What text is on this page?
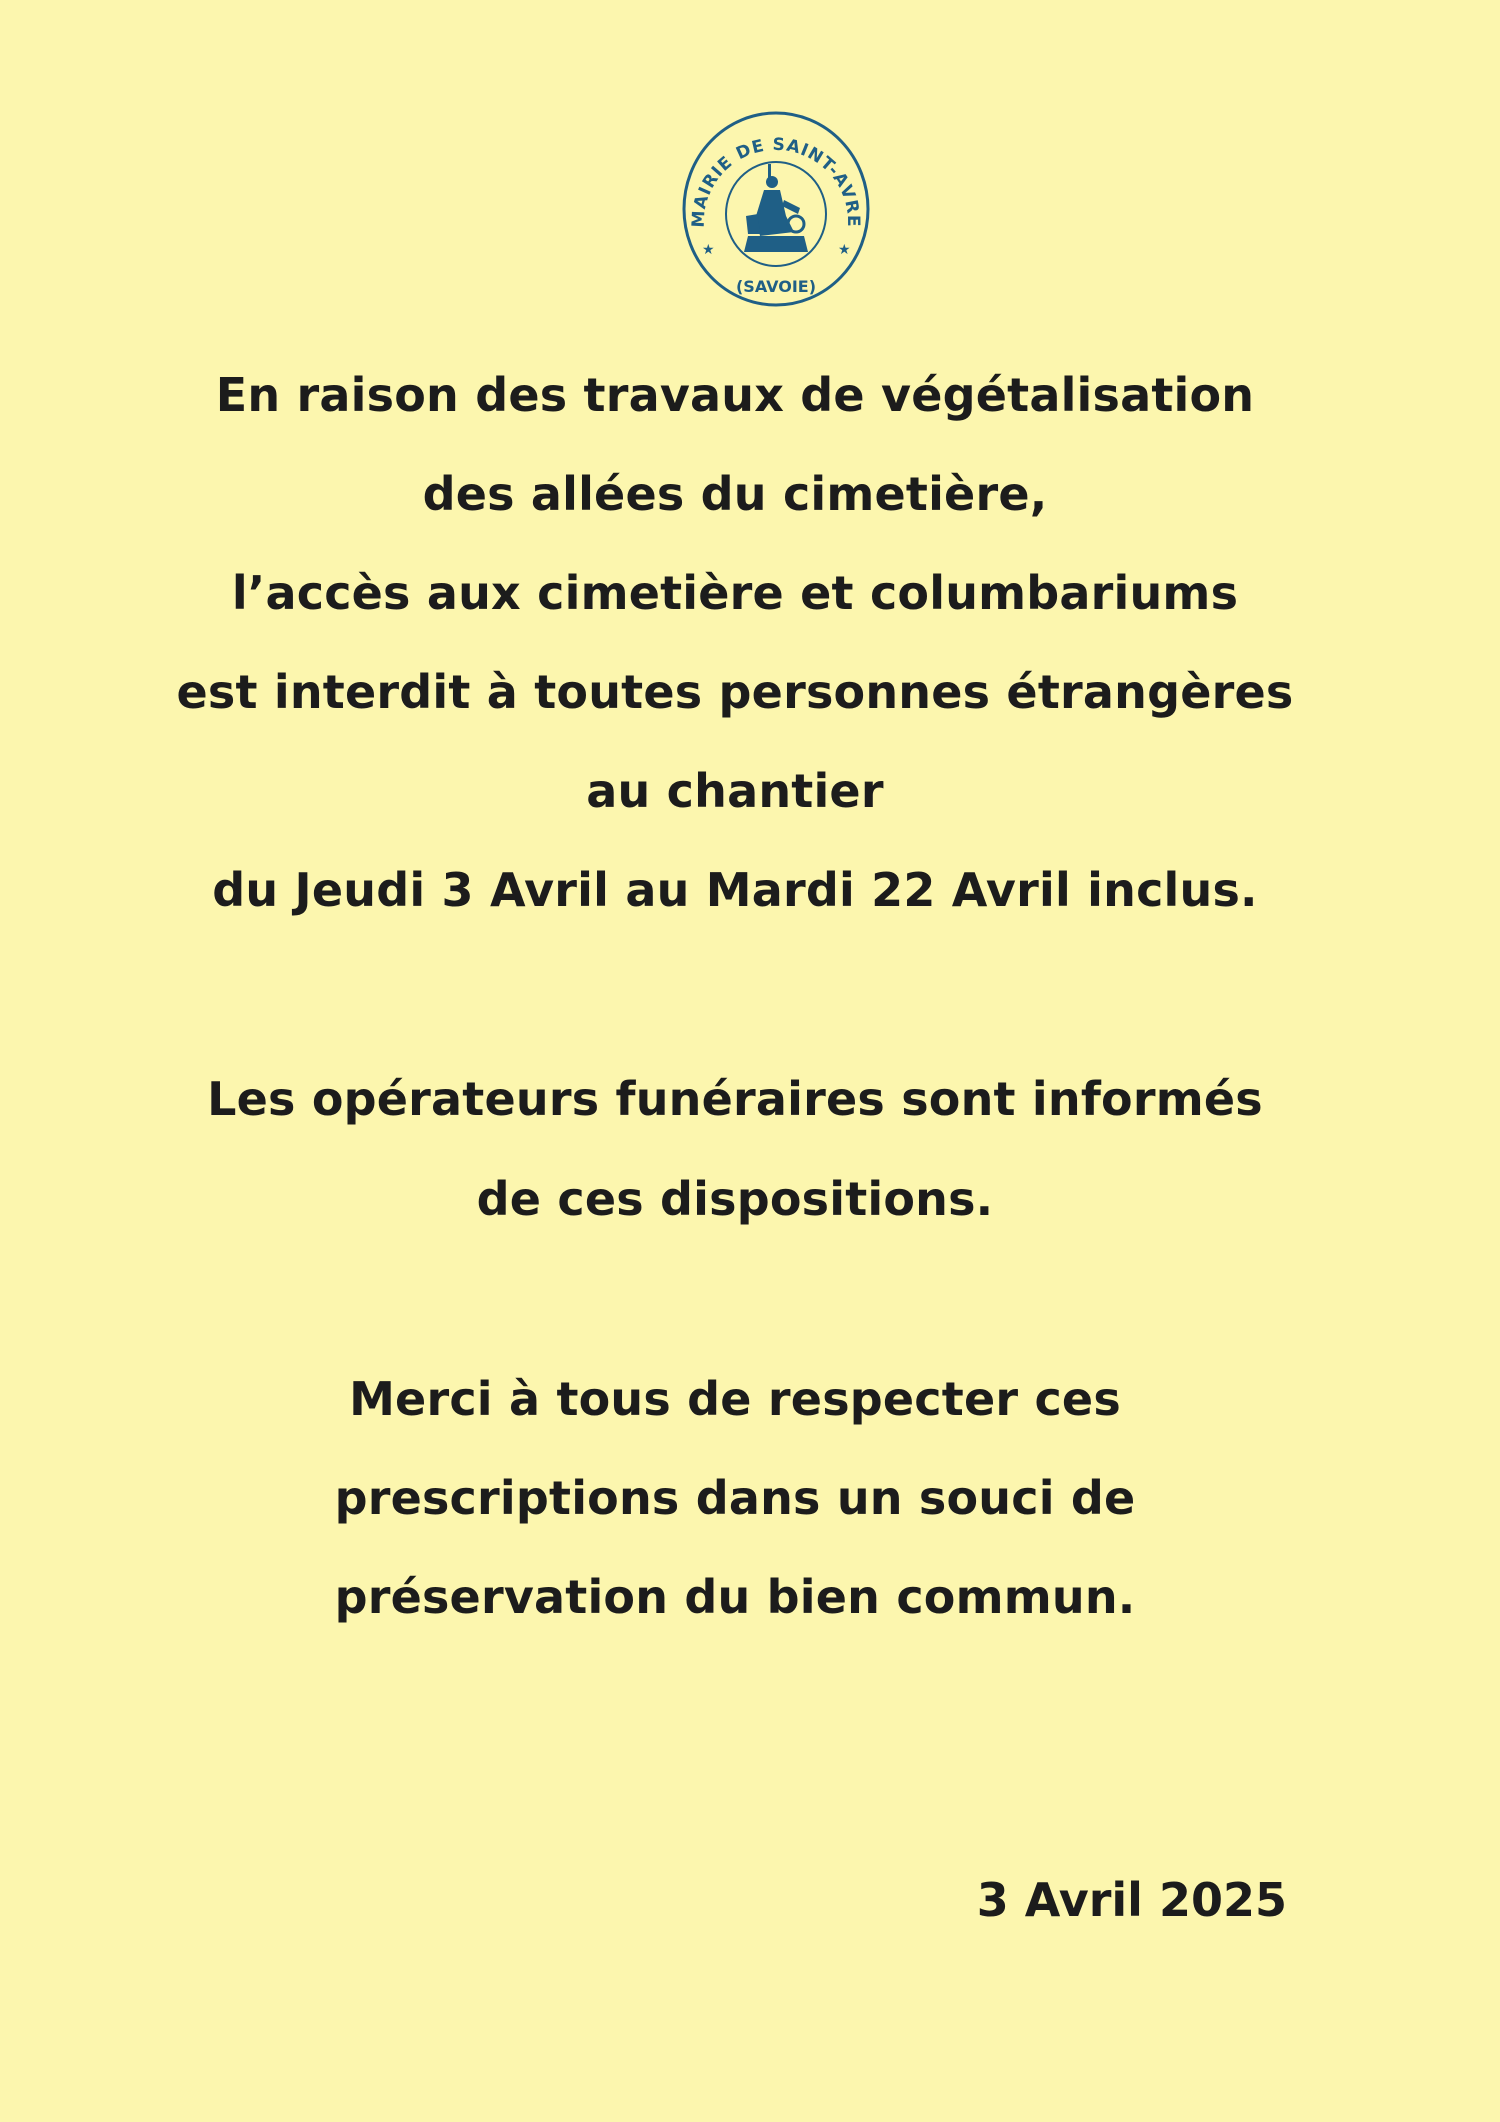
MAIRIE DE SAINT-AVRE
★	★
(SAVOIE)
En raison des travaux de végétalisation
des allées du cimetière,
l’accès aux cimetière et columbariums
est interdit à toutes personnes étrangères
au chantier
du Jeudi 3 Avril au Mardi 22 Avril inclus.
Les opérateurs funéraires sont informés
de ces dispositions.
Merci à tous de respecter ces
prescriptions dans un souci de
préservation du bien commun.
3 Avril 2025
